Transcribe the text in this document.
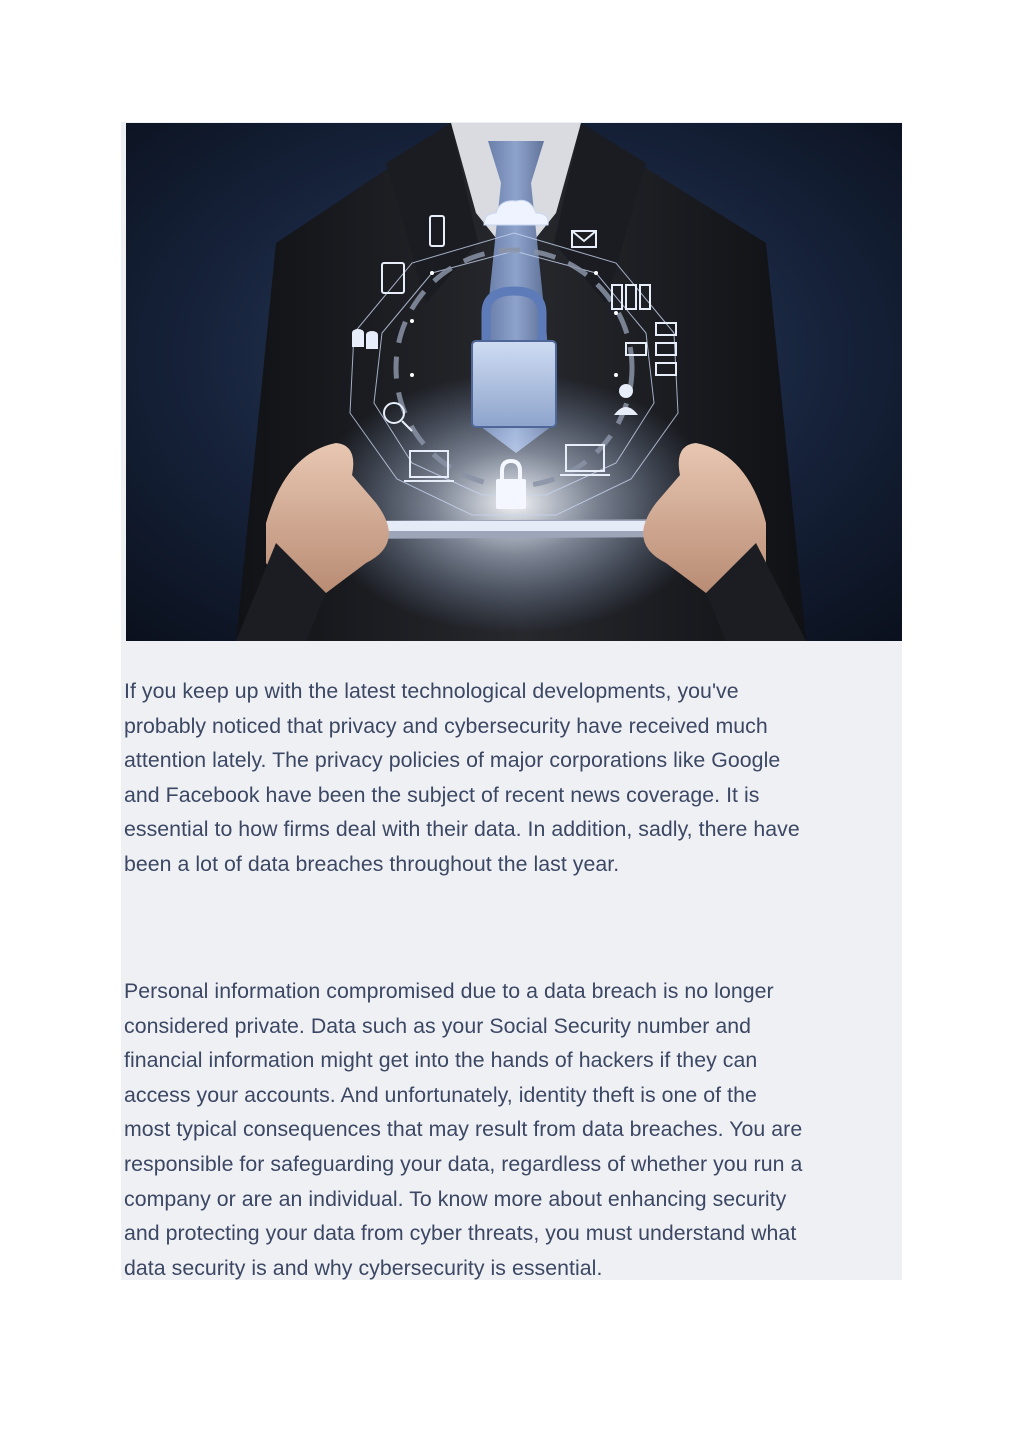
If you keep up with the latest technological developments, you've
probably noticed that privacy and cybersecurity have received much
attention lately. The privacy policies of major corporations like Google
and Facebook have been the subject of recent news coverage. It is
essential to how firms deal with their data. In addition, sadly, there have
been a lot of data breaches throughout the last year.
Personal information compromised due to a data breach is no longer
considered private. Data such as your Social Security number and
financial information might get into the hands of hackers if they can
access your accounts. And unfortunately, identity theft is one of the
most typical consequences that may result from data breaches. You are
responsible for safeguarding your data, regardless of whether you run a
company or are an individual. To know more about enhancing security
and protecting your data from cyber threats, you must understand what
data security is and why cybersecurity is essential.
